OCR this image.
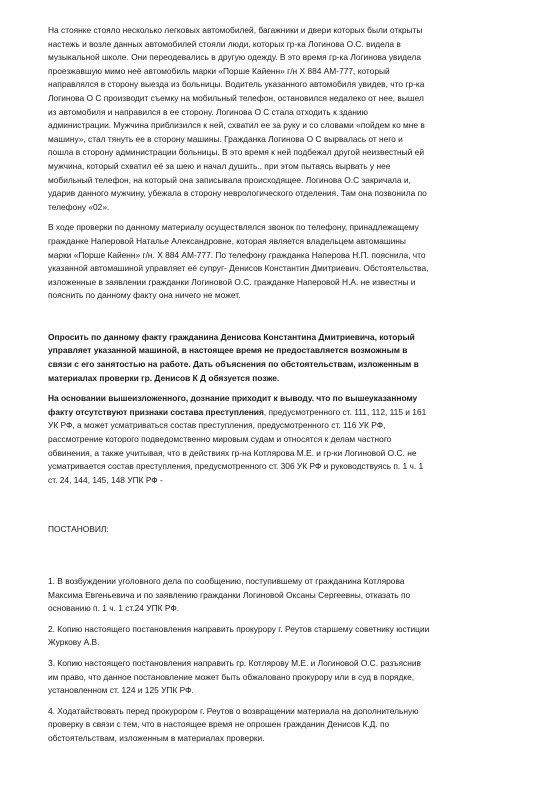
На стоянке стояло несколько легковых автомобилей, багажники и двери которых были открыты настежь и возле данных автомобилей стояли люди, которых гр-ка Логинова О.С. видела в музыкальной школе. Они переодевались в другую одежду. В это время гр-ка Логинова увидела проезжавшую мимо неё автомобиль марки «Порше Кайенн» г/н Х 884 АМ-777, который направлялся в сторону выезда из больницы. Водитель указанного автомобиля увидев, что гр-ка Логинова О С производит съемку на мобильный телефон, остановился недалеко от нее, вышел из автомобиля и направился в ее сторону. Логинова О С стала отходить к зданию администрации. Мужчина приблизился к ней, схватил ее за руку и со словами «пойдем ко мне в машину», стал тянуть ее в сторону машины. Гражданка Логинова О С вырвалась от него и пошла в сторону администрации больницы. В это время к ней подбежал другой неизвестный ей мужчина, который схватил её за шею и начал душить., при этом пытаясь вырвать у нее мобильный телефон, на который она записывала происходящее. Логинова О.С закричала и, ударив данного мужчину, убежала в сторону неврологического отделения. Там она позвонила по телефону «02».

В ходе проверки по данному материалу осуществлялся звонок по телефону, принадлежащему гражданке Наперовой Наталье Александровне, которая является владельцем автомашины марки «Порше Кайенн» г/н. Х 884 АМ-777. По телефону гражданка Наперова Н.П. пояснила, что указанной автомашиной управляет её супруг- Денисов Константин Дмитриевич. Обстоятельства, изложенные в заявлении гражданки Логиновой О.С. гражданке Наперовой Н.А. не известны и пояснить по данному факту она ничего не может.

Опросить по данному факту гражданина Денисова Константина Дмитриевича, который управляет указанной машиной, в настоящее время не предоставляется возможным в связи с его занятостью на работе. Дать объяснения по обстоятельствам, изложенным в материалах проверки гр. Денисов К Д обязуется позже.

На основании вышеизложенного, дознание приходит к выводу. что по вышеуказанному факту отсутствуют признаки состава преступления, предусмотренного ст. 111, 112, 115 и 161 УК РФ, а может усматриваться состав преступления, предусмотренного ст. 116 УК РФ, рассмотрение которого подведомственно мировым судам и относятся к делам частного обвинения, а также учитывая, что в действиях гр-на Котлярова М.Е. и гр-ки Логиновой О.С. не усматривается состав преступления, предусмотренного ст. 306 УК РФ и руководствуясь п. 1 ч. 1 ст. 24, 144, 145, 148 УПК РФ -

ПОСТАНОВИЛ:

1. В возбуждении уголовного дела по сообщению, поступившему от гражданина Котлярова Максима Евгеньевича и по заявлению гражданки Логиновой Оксаны Сергеевны, отказать по основанию п. 1 ч. 1 ст.24 УПК РФ.

2. Копию настоящего постановления направить прокурору г. Реутов старшему советнику юстиции Журкову А.В.

3. Копию настоящего постановления направить гр. Котлярову М.Е. и Логиновой О.С. разъяснив им право, что данное постановление может быть обжаловано прокурору или в суд в порядке, установленном ст. 124 и 125 УПК РФ.

4. Ходатайствовать перед прокурором г. Реутов о возвращении материала на дополнительную проверку в связи с тем, что в настоящее время не опрошен гражданин Денисов К.Д. по обстоятельствам, изложенным в материалах проверки.
